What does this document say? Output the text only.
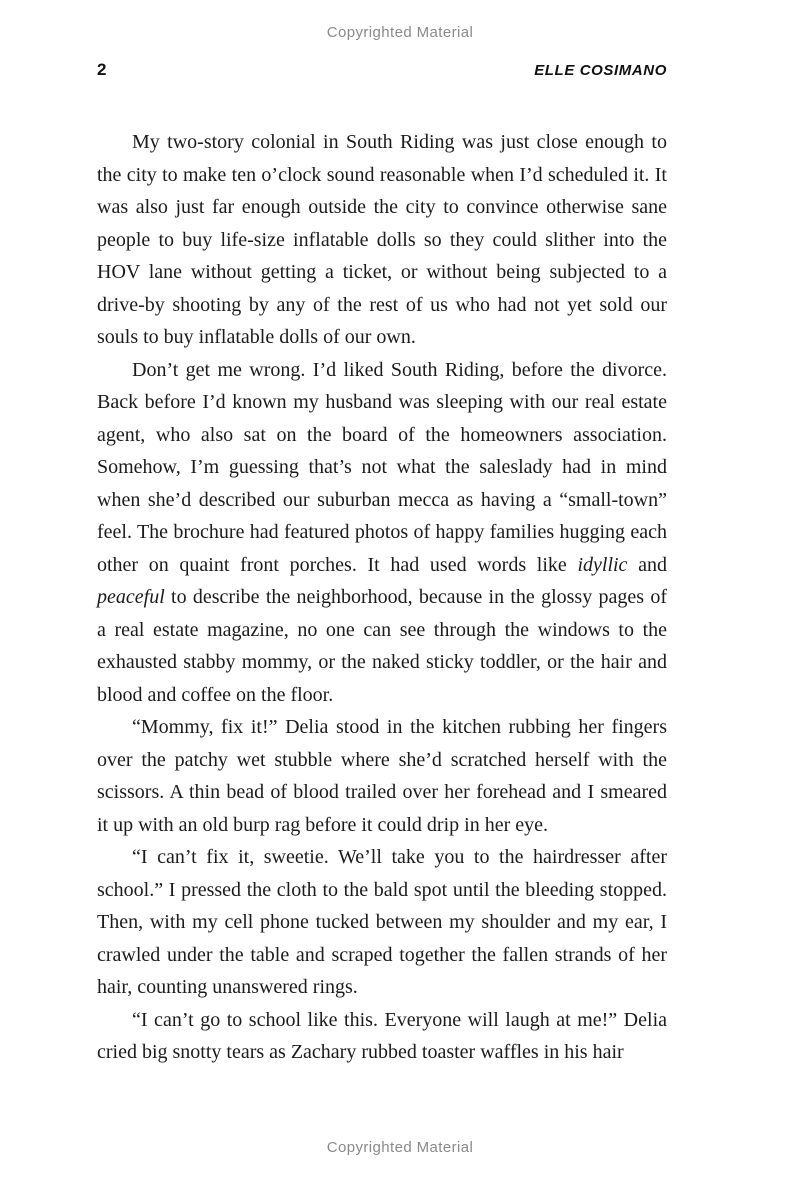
Copyrighted Material
2	ELLE COSIMANO

My two-story colonial in South Riding was just close enough to the city to make ten o’clock sound reasonable when I’d scheduled it. It was also just far enough outside the city to convince otherwise sane people to buy life-size inflatable dolls so they could slither into the HOV lane without getting a ticket, or without being subjected to a drive-by shooting by any of the rest of us who had not yet sold our souls to buy inflatable dolls of our own.

Don’t get me wrong. I’d liked South Riding, before the divorce. Back before I’d known my husband was sleeping with our real estate agent, who also sat on the board of the homeowners association. Somehow, I’m guessing that’s not what the saleslady had in mind when she’d described our suburban mecca as having a “small-town” feel. The brochure had featured photos of happy families hugging each other on quaint front porches. It had used words like idyllic and peaceful to describe the neighborhood, because in the glossy pages of a real estate magazine, no one can see through the windows to the exhausted stabby mommy, or the naked sticky toddler, or the hair and blood and coffee on the floor.

“Mommy, fix it!” Delia stood in the kitchen rubbing her fingers over the patchy wet stubble where she’d scratched herself with the scissors. A thin bead of blood trailed over her forehead and I smeared it up with an old burp rag before it could drip in her eye.

“I can’t fix it, sweetie. We’ll take you to the hairdresser after school.” I pressed the cloth to the bald spot until the bleeding stopped. Then, with my cell phone tucked between my shoulder and my ear, I crawled under the table and scraped together the fallen strands of her hair, counting unanswered rings.

“I can’t go to school like this. Everyone will laugh at me!” Delia cried big snotty tears as Zachary rubbed toaster waffles in his hair

Copyrighted Material
